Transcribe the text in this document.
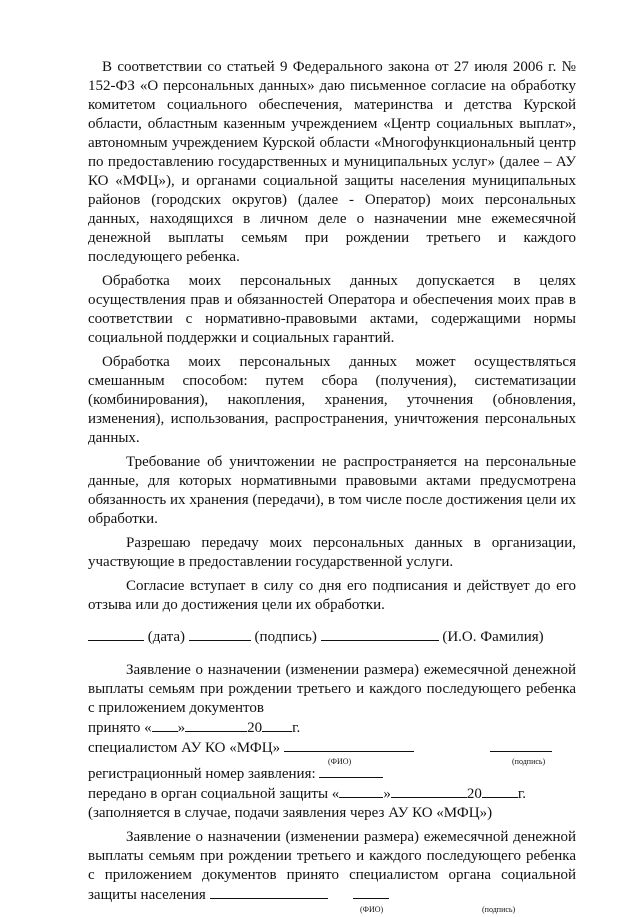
В соответствии со статьей 9 Федерального закона от 27 июля 2006 г. № 152-ФЗ «О персональных данных» даю письменное согласие на обработку комитетом социального обеспечения, материнства и детства Курской области, областным казенным учреждением «Центр социальных выплат», автономным учреждением Курской области «Многофункциональный центр по предоставлению государственных и муниципальных услуг» (далее – АУ КО «МФЦ»), и органами социальной защиты населения муниципальных районов (городских округов) (далее - Оператор) моих персональных данных, находящихся в личном деле о назначении мне ежемесячной денежной выплаты семьям при рождении третьего и каждого последующего ребенка.

Обработка моих персональных данных допускается в целях осуществления прав и обязанностей Оператора и обеспечения моих прав в соответствии с нормативно-правовыми актами, содержащими нормы социальной поддержки и социальных гарантий.

Обработка моих персональных данных может осуществляться смешанным способом: путем сбора (получения), систематизации (комбинирования), накопления, хранения, уточнения (обновления, изменения), использования, распространения, уничтожения персональных данных.

Требование об уничтожении не распространяется на персональные данные, для которых нормативными правовыми актами предусмотрена обязанность их хранения (передачи), в том числе после достижения цели их обработки.

Разрешаю передачу моих персональных данных в организации, участвующие в предоставлении государственной услуги.

Согласие вступает в силу со дня его подписания и действует до его отзыва или до достижения цели их обработки.

(дата)	(подпись)	(И.О. Фамилия)

Заявление о назначении (изменении размера) ежемесячной денежной выплаты семьям при рождении третьего и каждого последующего ребенка с приложением документов

принято « »	20 г.
специалистом АУ КО «МФЦ»
(ФИО)	(подпись)
регистрационный номер заявления:
передано в орган социальной защиты «	»	20 г.

(заполняется в случае, подачи заявления через АУ КО «МФЦ»)

Заявление о назначении (изменении размера) ежемесячной денежной выплаты семьям при рождении третьего и каждого последующего ребенка с приложением документов принято специалистом органа социальной защиты населения

(ФИО)	(подпись)
